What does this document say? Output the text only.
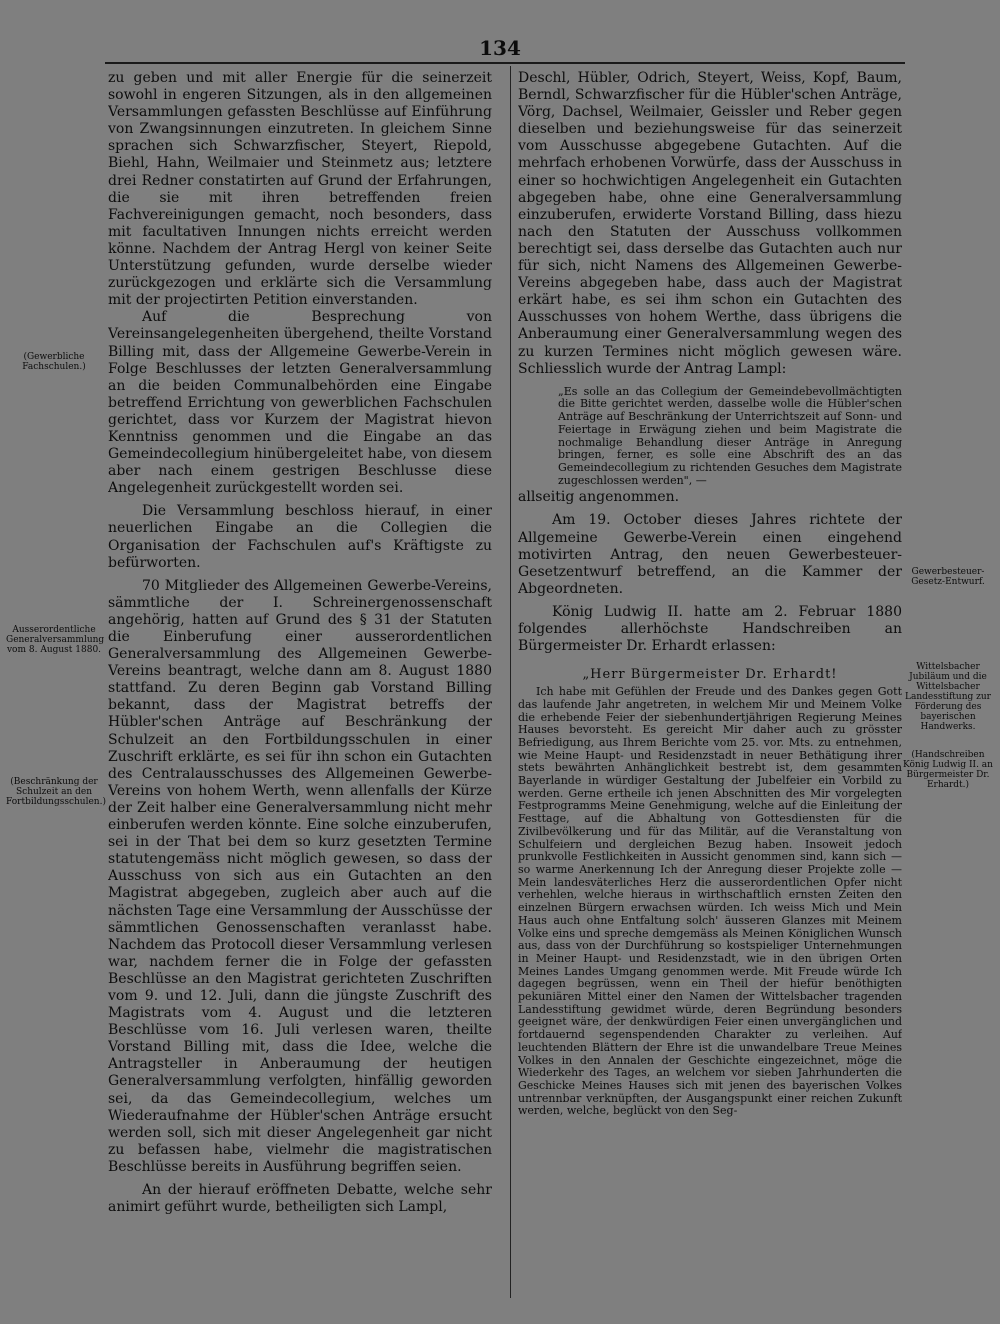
134
(Gewerbliche Fachschulen.)
Ausserordentliche Generalversammlung vom 8. August 1880.
(Beschränkung der Schulzeit an den Fortbildungsschulen.)
Gewerbesteuer-Gesetz-Entwurf.
Wittelsbacher Jubiläum und die Wittelsbacher Landesstiftung zur Förderung des bayerischen Handwerks.
(Handschreiben König Ludwig II. an Bürgermeister Dr. Erhardt.)

zu geben und mit aller Energie für die seinerzeit sowohl in engeren Sitzungen, als in den allgemeinen Versammlungen gefassten Beschlüsse auf Einführung von Zwangsinnungen einzutreten. In gleichem Sinne sprachen sich Schwarzfischer, Steyert, Riepold, Biehl, Hahn, Weilmaier und Steinmetz aus; letztere drei Redner constatirten auf Grund der Erfahrungen, die sie mit ihren betreffenden freien Fachvereinigungen gemacht, noch besonders, dass mit facultativen Innungen nichts erreicht werden könne. Nachdem der Antrag Hergl von keiner Seite Unterstützung gefunden, wurde derselbe wieder zurückgezogen und erklärte sich die Versammlung mit der projectirten Petition einverstanden.

Auf die Besprechung von Vereinsangelegenheiten übergehend, theilte Vorstand Billing mit, dass der Allgemeine Gewerbe-Verein in Folge Beschlusses der letzten Generalversammlung an die beiden Communalbehörden eine Eingabe betreffend Errichtung von gewerblichen Fachschulen gerichtet, dass vor Kurzem der Magistrat hievon Kenntniss genommen und die Eingabe an das Gemeindecollegium hinübergeleitet habe, von diesem aber nach einem gestrigen Beschlusse diese Angelegenheit zurückgestellt worden sei.

Die Versammlung beschloss hierauf, in einer neuerlichen Eingabe an die Collegien die Organisation der Fachschulen auf's Kräftigste zu befürworten.

70 Mitglieder des Allgemeinen Gewerbe-Vereins, sämmtliche der I. Schreinergenossenschaft angehörig, hatten auf Grund des § 31 der Statuten die Einberufung einer ausserordentlichen Generalversammlung des Allgemeinen Gewerbe-Vereins beantragt, welche dann am 8. August 1880 stattfand. Zu deren Beginn gab Vorstand Billing bekannt, dass der Magistrat betreffs der Hübler'schen Anträge auf Beschränkung der Schulzeit an den Fortbildungsschulen in einer Zuschrift erklärte, es sei für ihn schon ein Gutachten des Centralausschusses des Allgemeinen Gewerbe-Vereins von hohem Werth, wenn allenfalls der Kürze der Zeit halber eine Generalversammlung nicht mehr einberufen werden könnte. Eine solche einzuberufen, sei in der That bei dem so kurz gesetzten Termine statutengemäss nicht möglich gewesen, so dass der Ausschuss von sich aus ein Gutachten an den Magistrat abgegeben, zugleich aber auch auf die nächsten Tage eine Versammlung der Ausschüsse der sämmtlichen Genossenschaften veranlasst habe. Nachdem das Protocoll dieser Versammlung verlesen war, nachdem ferner die in Folge der gefassten Beschlüsse an den Magistrat gerichteten Zuschriften vom 9. und 12. Juli, dann die jüngste Zuschrift des Magistrats vom 4. August und die letzteren Beschlüsse vom 16. Juli verlesen waren, theilte Vorstand Billing mit, dass die Idee, welche die Antragsteller in Anberaumung der heutigen Generalversammlung verfolgten, hinfällig geworden sei, da das Gemeindecollegium, welches um Wiederaufnahme der Hübler'schen Anträge ersucht werden soll, sich mit dieser Angelegenheit gar nicht zu befassen habe, vielmehr die magistratischen Beschlüsse bereits in Ausführung begriffen seien.

An der hierauf eröffneten Debatte, welche sehr animirt geführt wurde, betheiligten sich Lampl,

Deschl, Hübler, Odrich, Steyert, Weiss, Kopf, Baum, Berndl, Schwarzfischer für die Hübler'schen Anträge, Vörg, Dachsel, Weilmaier, Geissler und Reber gegen dieselben und beziehungsweise für das seinerzeit vom Ausschusse abgegebene Gutachten. Auf die mehrfach erhobenen Vorwürfe, dass der Ausschuss in einer so hochwichtigen Angelegenheit ein Gutachten abgegeben habe, ohne eine Generalversammlung einzuberufen, erwiderte Vorstand Billing, dass hiezu nach den Statuten der Ausschuss vollkommen berechtigt sei, dass derselbe das Gutachten auch nur für sich, nicht Namens des Allgemeinen Gewerbe-Vereins abgegeben habe, dass auch der Magistrat erkärt habe, es sei ihm schon ein Gutachten des Ausschusses von hohem Werthe, dass übrigens die Anberaumung einer Generalversammlung wegen des zu kurzen Termines nicht möglich gewesen wäre. Schliesslich wurde der Antrag Lampl:

„Es solle an das Collegium der Gemeindebevollmächtigten die Bitte gerichtet werden, dasselbe wolle die Hübler'schen Anträge auf Beschränkung der Unterrichtszeit auf Sonn- und Feiertage in Erwägung ziehen und beim Magistrate die nochmalige Behandlung dieser Anträge in Anregung bringen, ferner, es solle eine Abschrift des an das Gemeindecollegium zu richtenden Gesuches dem Magistrate zugeschlossen werden", —

allseitig angenommen.

Am 19. October dieses Jahres richtete der Allgemeine Gewerbe-Verein einen eingehend motivirten Antrag, den neuen Gewerbesteuer-Gesetzentwurf betreffend, an die Kammer der Abgeordneten.

König Ludwig II. hatte am 2. Februar 1880 folgendes allerhöchste Handschreiben an Bürgermeister Dr. Erhardt erlassen:

„Herr Bürgermeister Dr. Erhardt!

Ich habe mit Gefühlen der Freude und des Dankes gegen Gott das laufende Jahr angetreten, in welchem Mir und Meinem Volke die erhebende Feier der siebenhundertjährigen Regierung Meines Hauses bevorsteht. Es gereicht Mir daher auch zu grösster Befriedigung, aus Ihrem Berichte vom 25. vor. Mts. zu entnehmen, wie Meine Haupt- und Residenzstadt in neuer Bethätigung ihrer stets bewährten Anhänglichkeit bestrebt ist, dem gesammten Bayerlande in würdiger Gestaltung der Jubelfeier ein Vorbild zu werden. Gerne ertheile ich jenen Abschnitten des Mir vorgelegten Festprogramms Meine Genehmigung, welche auf die Einleitung der Festtage, auf die Abhaltung von Gottesdiensten für die Zivilbevölkerung und für das Militär, auf die Veranstaltung von Schulfeiern und dergleichen Bezug haben. Insoweit jedoch prunkvolle Festlichkeiten in Aussicht genommen sind, kann sich — so warme Anerkennung Ich der Anregung dieser Projekte zolle — Mein landesväterliches Herz die ausserordentlichen Opfer nicht verhehlen, welche hieraus in wirthschaftlich ernsten Zeiten den einzelnen Bürgern erwachsen würden. Ich weiss Mich und Mein Haus auch ohne Entfaltung solch' äusseren Glanzes mit Meinem Volke eins und spreche demgemäss als Meinen Königlichen Wunsch aus, dass von der Durchführung so kostspieliger Unternehmungen in Meiner Haupt- und Residenzstadt, wie in den übrigen Orten Meines Landes Umgang genommen werde. Mit Freude würde Ich dagegen begrüssen, wenn ein Theil der hiefür benöthigten pekuniären Mittel einer den Namen der Wittelsbacher tragenden Landesstiftung gewidmet würde, deren Begründung besonders geeignet wäre, der denkwürdigen Feier einen unvergänglichen und fortdauernd segenspendenden Charakter zu verleihen. Auf leuchtenden Blättern der Ehre ist die unwandelbare Treue Meines Volkes in den Annalen der Geschichte eingezeichnet, möge die Wiederkehr des Tages, an welchem vor sieben Jahrhunderten die Geschicke Meines Hauses sich mit jenen des bayerischen Volkes untrennbar verknüpften, der Ausgangspunkt einer reichen Zukunft werden, welche, beglückt von den Seg-
